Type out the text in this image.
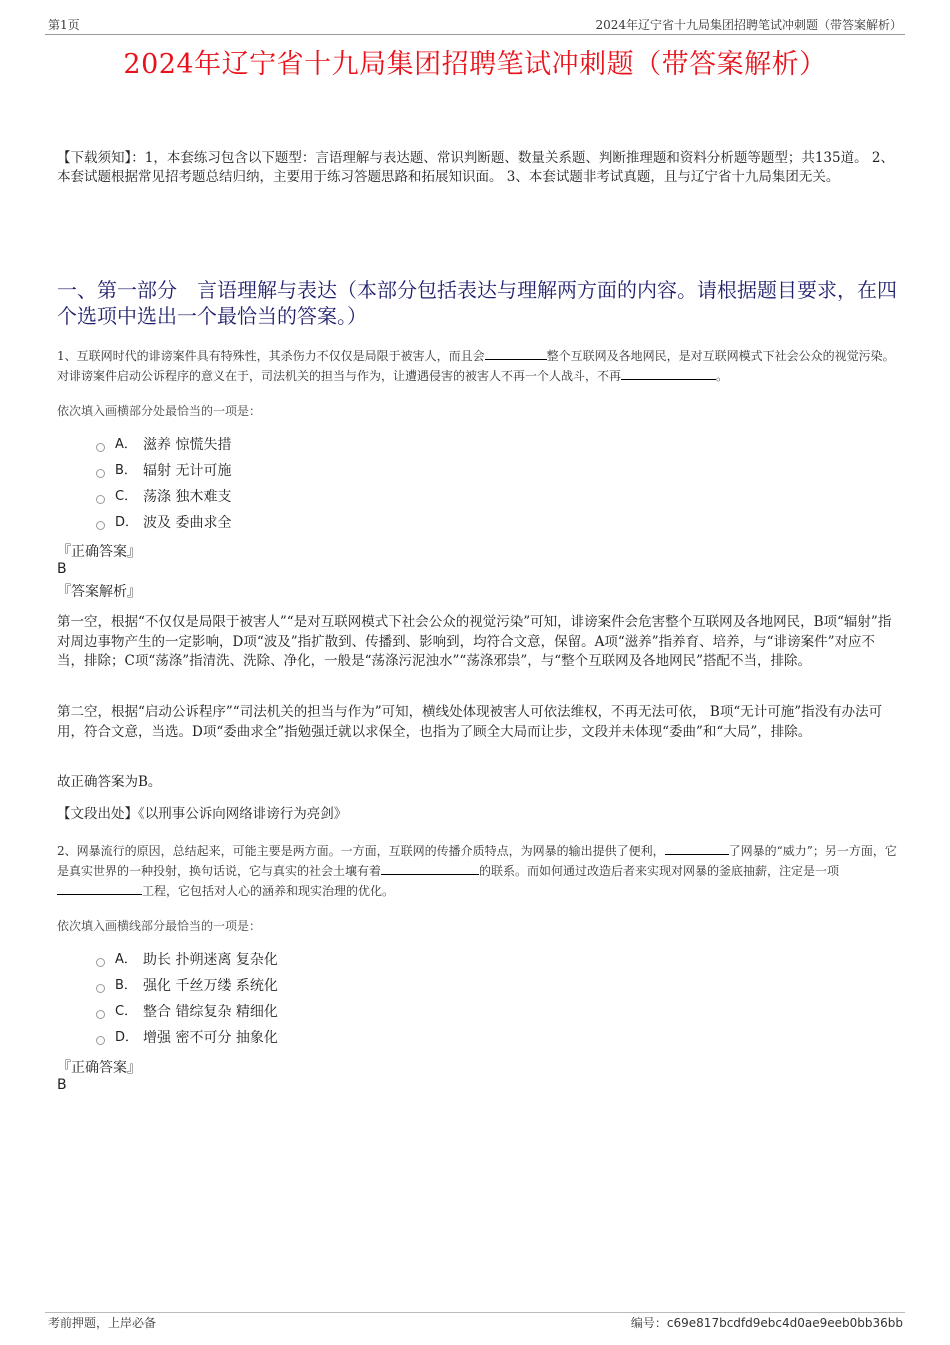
第1页	2024年辽宁省十九局集团招聘笔试冲刺题（带答案解析）
2024年辽宁省十九局集团招聘笔试冲刺题（带答案解析）
【下载须知】：1，本套练习包含以下题型：言语理解与表达题、常识判断题、数量关系题、判断推理题和资料分析题等题型；共135道。 2、本套试题根据常见招考题总结归纳，主要用于练习答题思路和拓展知识面。 3、本套试题非考试真题，且与辽宁省十九局集团无关。
一、第一部分 言语理解与表达（本部分包括表达与理解两方面的内容。请根据题目要求，在四个选项中选出一个最恰当的答案。）
1、互联网时代的诽谤案件具有特殊性，其杀伤力不仅仅是局限于被害人，而且会	整个互联网及各地网民，是对互联网模式下社会公众的视觉污染。对诽谤案件启动公诉程序的意义在于，司法机关的担当与作为，让遭遇侵害的被害人不再一个人战斗，不再	。
依次填入画横部分处最恰当的一项是：
A． 滋养 惊慌失措
B． 辐射 无计可施
C． 荡涤 独木难支
D． 波及 委曲求全
『正确答案』
B
『答案解析』
第一空，根据“不仅仅是局限于被害人”“是对互联网模式下社会公众的视觉污染”可知，诽谤案件会危害整个互联网及各地网民，B项“辐射”指对周边事物产生的一定影响，D项“波及”指扩散到、传播到、影响到，均符合文意，保留。A项“滋养”指养育、培养，与“诽谤案件”对应不当，排除；C项“荡涤”指清洗、洗除、净化，一般是“荡涤污泥浊水”“荡涤邪祟”，与“整个互联网及各地网民”搭配不当，排除。
第二空，根据“启动公诉程序”“司法机关的担当与作为”可知，横线处体现被害人可依法维权，不再无法可依， B项“无计可施”指没有办法可用，符合文意，当选。D项“委曲求全”指勉强迁就以求保全，也指为了顾全大局而让步，文段并未体现“委曲”和“大局”，排除。
故正确答案为B。
【文段出处】《以刑事公诉向网络诽谤行为亮剑》
2、网暴流行的原因，总结起来，可能主要是两方面。一方面，互联网的传播介质特点，为网暴的输出提供了便利，	了网暴的“威力”；另一方面，它是真实世界的一种投射，换句话说，它与真实的社会土壤有着	的联系。而如何通过改造后者来实现对网暴的釜底抽薪，注定是一项工程，它包括对人心的涵养和现实治理的优化。
依次填入画横线部分最恰当的一项是：
A． 助长 扑朔迷离 复杂化
B． 强化 千丝万缕 系统化
C． 整合 错综复杂 精细化
D． 增强 密不可分 抽象化
『正确答案』
B
考前押题，上岸必备	编号：c69e817bcdfd9ebc4d0ae9eeb0bb36bb
